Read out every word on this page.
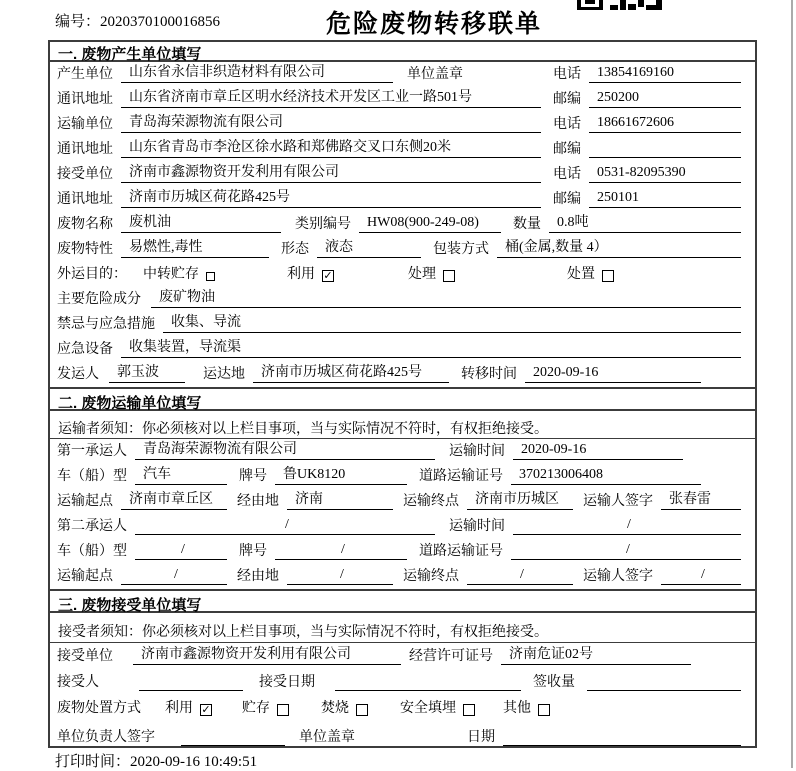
编号：2020370100016856	危险废物转移联单
一. 废物产生单位填写
产生单位	山东省永信非织造材料有限公司	单位盖章	电话	13854169160
通讯地址	山东省济南市章丘区明水经济技术开发区工业一路501号	邮编	250200
运输单位	青岛海荣源物流有限公司	电话	18661672606
通讯地址	山东省青岛市李沧区徐水路和郑佛路交叉口东侧20米	邮编
接受单位	济南市鑫源物资开发利用有限公司	电话	0531-82095390
通讯地址	济南市历城区荷花路425号	邮编	250101
废物名称	废机油	类别编号	HW08(900-249-08)	数量	0.8吨
废物特性	易燃性,毒性	形态	液态	包装方式	桶(金属,数量 4）
外运目的： 中转贮存	利用 ✓	处理	处置
主要危险成分	废矿物油
禁忌与应急措施	收集、导流
应急设备	收集装置，导流渠
发运人	郭玉波	运达地	济南市历城区荷花路425号	转移时间	2020-09-16
二. 废物运输单位填写
运输者须知：你必须核对以上栏目事项，当与实际情况不符时，有权拒绝接受。
第一承运人	青岛海荣源物流有限公司	运输时间	2020-09-16
车（船）型	汽车	牌号	鲁UK8120	道路运输证号	370213006408
运输起点	济南市章丘区	经由地	济南	运输终点	济南市历城区	运输人签字	张春雷
第二承运人	/	运输时间	/
车（船）型	/	牌号	/	道路运输证号	/
运输起点	/	经由地	/	运输终点	/	运输人签字	/
三. 废物接受单位填写
接受者须知：你必须核对以上栏目事项，当与实际情况不符时，有权拒绝接受。
接受单位	济南市鑫源物资开发利用有限公司	经营许可证号	济南危证02号
接受人	接受日期	签收量
废物处置方式 利用 ✓ 贮存	焚烧	安全填埋	其他
单位负责人签字	单位盖章	日期
打印时间：2020-09-16 10:49:51
